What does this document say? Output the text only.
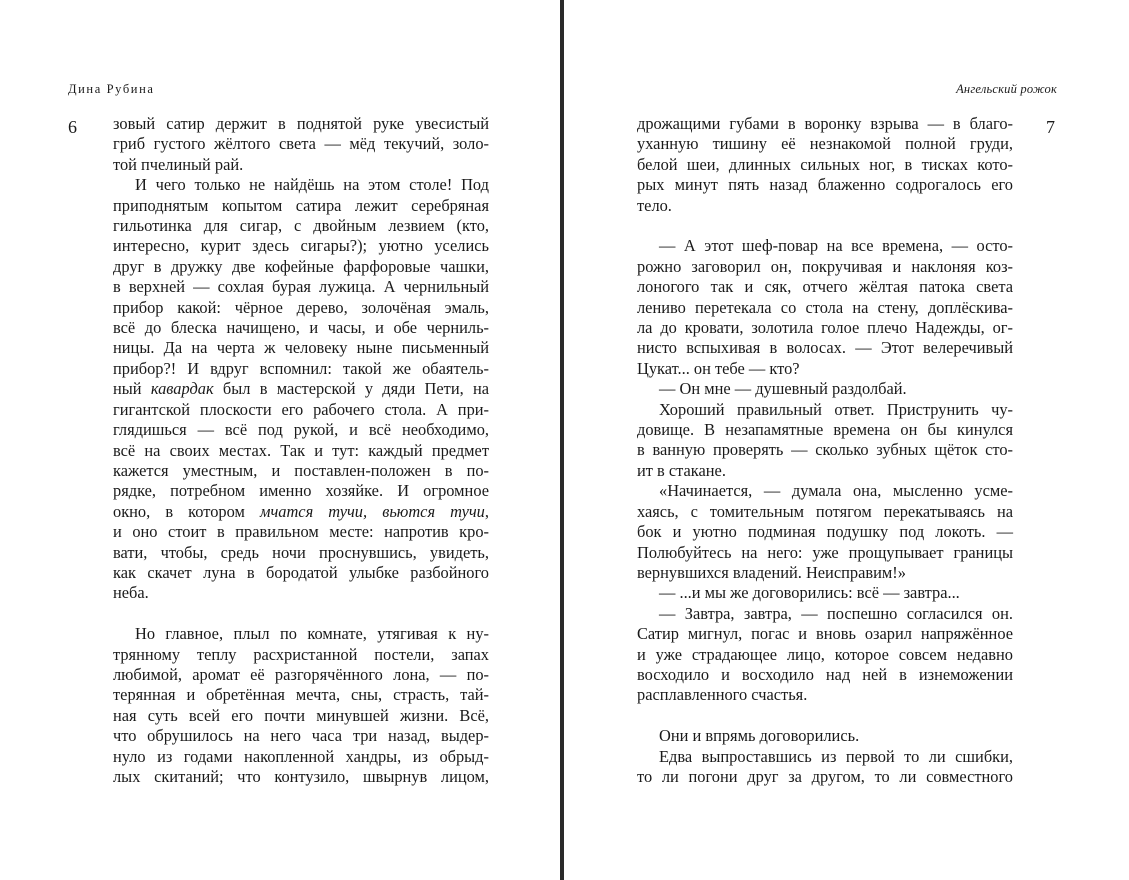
Дина Рубина
6 зовый сатир держит в поднятой руке увесистый
гриб густого жёлтого света — мёд текучий, золо-
той пчелиный рай.
И чего только не найдёшь на этом столе! Под
приподнятым копытом сатира лежит серебряная
гильотинка для сигар, с двойным лезвием (кто,
интересно, курит здесь сигары?); уютно уселись
друг в дружку две кофейные фарфоровые чашки,
в верхней — сохлая бурая лужица. А чернильный
прибор какой: чёрное дерево, золочёная эмаль,
всё до блеска начищено, и часы, и обе черниль-
ницы. Да на черта ж человеку ныне письменный
прибор?! И вдруг вспомнил: такой же обаятель-
ный кавардак был в мастерской у дяди Пети, на
гигантской плоскости его рабочего стола. А при-
глядишься — всё под рукой, и всё необходимо,
всё на своих местах. Так и тут: каждый предмет
кажется уместным, и поставлен-положен в по-
рядке, потребном именно хозяйке. И огромное
окно, в котором мчатся тучи, вьются тучи,
и оно стоит в правильном месте: напротив кро-
вати, чтобы, средь ночи проснувшись, увидеть,
как скачет луна в бородатой улыбке разбойного
неба.
Но главное, плыл по комнате, утягивая к ну-
трянному теплу расхристанной постели, запах
любимой, аромат её разгорячённого лона, — по-
терянная и обретённая мечта, сны, страсть, тай-
ная суть всей его почти минувшей жизни. Всё,
что обрушилось на него часа три назад, выдер-
нуло из годами накопленной хандры, из обрыд-
лых скитаний; что контузило, швырнув лицом,
Ангельский рожок
7
дрожащими губами в воронку взрыва — в благо-
уханную тишину её незнакомой полной груди,
белой шеи, длинных сильных ног, в тисках кото-
рых минут пять назад блаженно содрогалось его
тело.
— А этот шеф-повар на все времена, — осто-
рожно заговорил он, покручивая и наклоняя коз-
лоногого так и сяк, отчего жёлтая патока света
лениво перетекала со стола на стену, доплёскива-
ла до кровати, золотила голое плечо Надежды, ог-
нисто вспыхивая в волосах. — Этот велеречивый
Цукат... он тебе — кто?
— Он мне — душевный раздолбай.
Хороший правильный ответ. Приструнить чу-
довище. В незапамятные времена он бы кинулся
в ванную проверять — сколько зубных щёток сто-
ит в стакане.
«Начинается, — думала она, мысленно усме-
хаясь, с томительным потягом перекатываясь на
бок и уютно подминая подушку под локоть. —
Полюбуйтесь на него: уже прощупывает границы
вернувшихся владений. Неисправим!»
— ...и мы же договорились: всё — завтра...
— Завтра, завтра, — поспешно согласился он.
Сатир мигнул, погас и вновь озарил напряжённое
и уже страдающее лицо, которое совсем недавно
восходило и восходило над ней в изнеможении
расплавленного счастья.
Они и впрямь договорились.
Едва выпроставшись из первой то ли сшибки,
то ли погони друг за другом, то ли совместного
